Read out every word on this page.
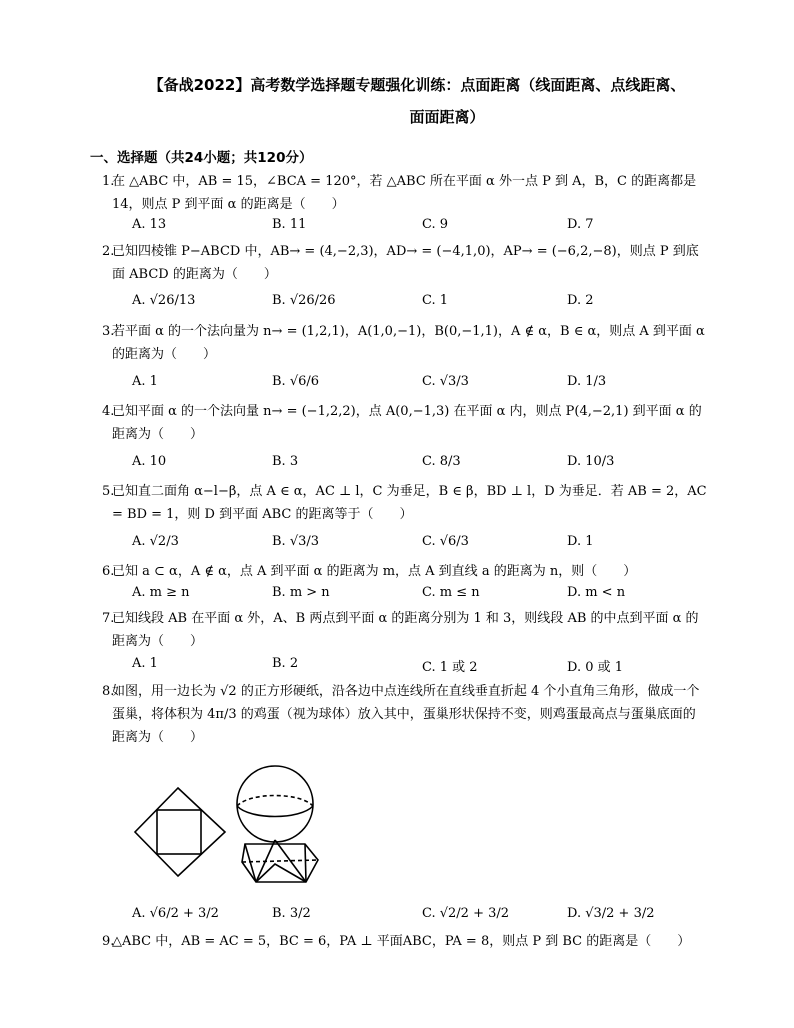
【备战2022】高考数学选择题专题强化训练：点面距离（线面距离、点线距离、
面面距离）
一、选择题（共24小题；共120分）
1.
在 △ABC 中，AB = 15，∠BCA = 120°，若 △ABC 所在平面 α 外一点 P 到 A，B，C 的距离都是 14，则点 P 到平面 α 的距离是（　　）
A. 13	B. 11	C. 9	D. 7
2.
已知四棱锥 P−ABCD 中，AB→ = (4,−2,3)，AD→ = (−4,1,0)，AP→ = (−6,2,−8)，则点 P 到底面 ABCD 的距离为（　　）
A. √26/13	B. √26/26	C. 1	D. 2
3.
若平面 α 的一个法向量为 n→ = (1,2,1)，A(1,0,−1)，B(0,−1,1)，A ∉ α，B ∈ α，则点 A 到平面 α 的距离为（　　）
A. 1	B. √6/6	C. √3/3	D. 1/3
4.
已知平面 α 的一个法向量 n→ = (−1,2,2)，点 A(0,−1,3) 在平面 α 内，则点 P(4,−2,1) 到平面 α 的距离为（　　）
A. 10	B. 3	C. 8/3	D. 10/3
5.
已知直二面角 α−l−β，点 A ∈ α，AC ⊥ l，C 为垂足，B ∈ β，BD ⊥ l，D 为垂足．若 AB = 2，AC = BD = 1，则 D 到平面 ABC 的距离等于（　　）
A. √2/3	B. √3/3	C. √6/3	D. 1
6.
已知 a ⊂ α，A ∉ α，点 A 到平面 α 的距离为 m，点 A 到直线 a 的距离为 n，则（　　）
A. m ≥ n	B. m > n	C. m ≤ n	D. m < n
7.
已知线段 AB 在平面 α 外，A、B 两点到平面 α 的距离分别为 1 和 3，则线段 AB 的中点到平面 α 的距离为（　　）
A. 1	B. 2	C. 1 或 2	D. 0 或 1
8.
如图，用一边长为 √2 的正方形硬纸，沿各边中点连线所在直线垂直折起 4 个小直角三角形，做成一个蛋巢，将体积为 4π/3 的鸡蛋（视为球体）放入其中，蛋巢形状保持不变，则鸡蛋最高点与蛋巢底面的距离为（　　）
A. √6/2 + 3/2	B. 3/2	C. √2/2 + 3/2	D. √3/2 + 3/2
9.
△ABC 中，AB = AC = 5，BC = 6，PA ⊥ 平面ABC，PA = 8，则点 P 到 BC 的距离是（　　）
